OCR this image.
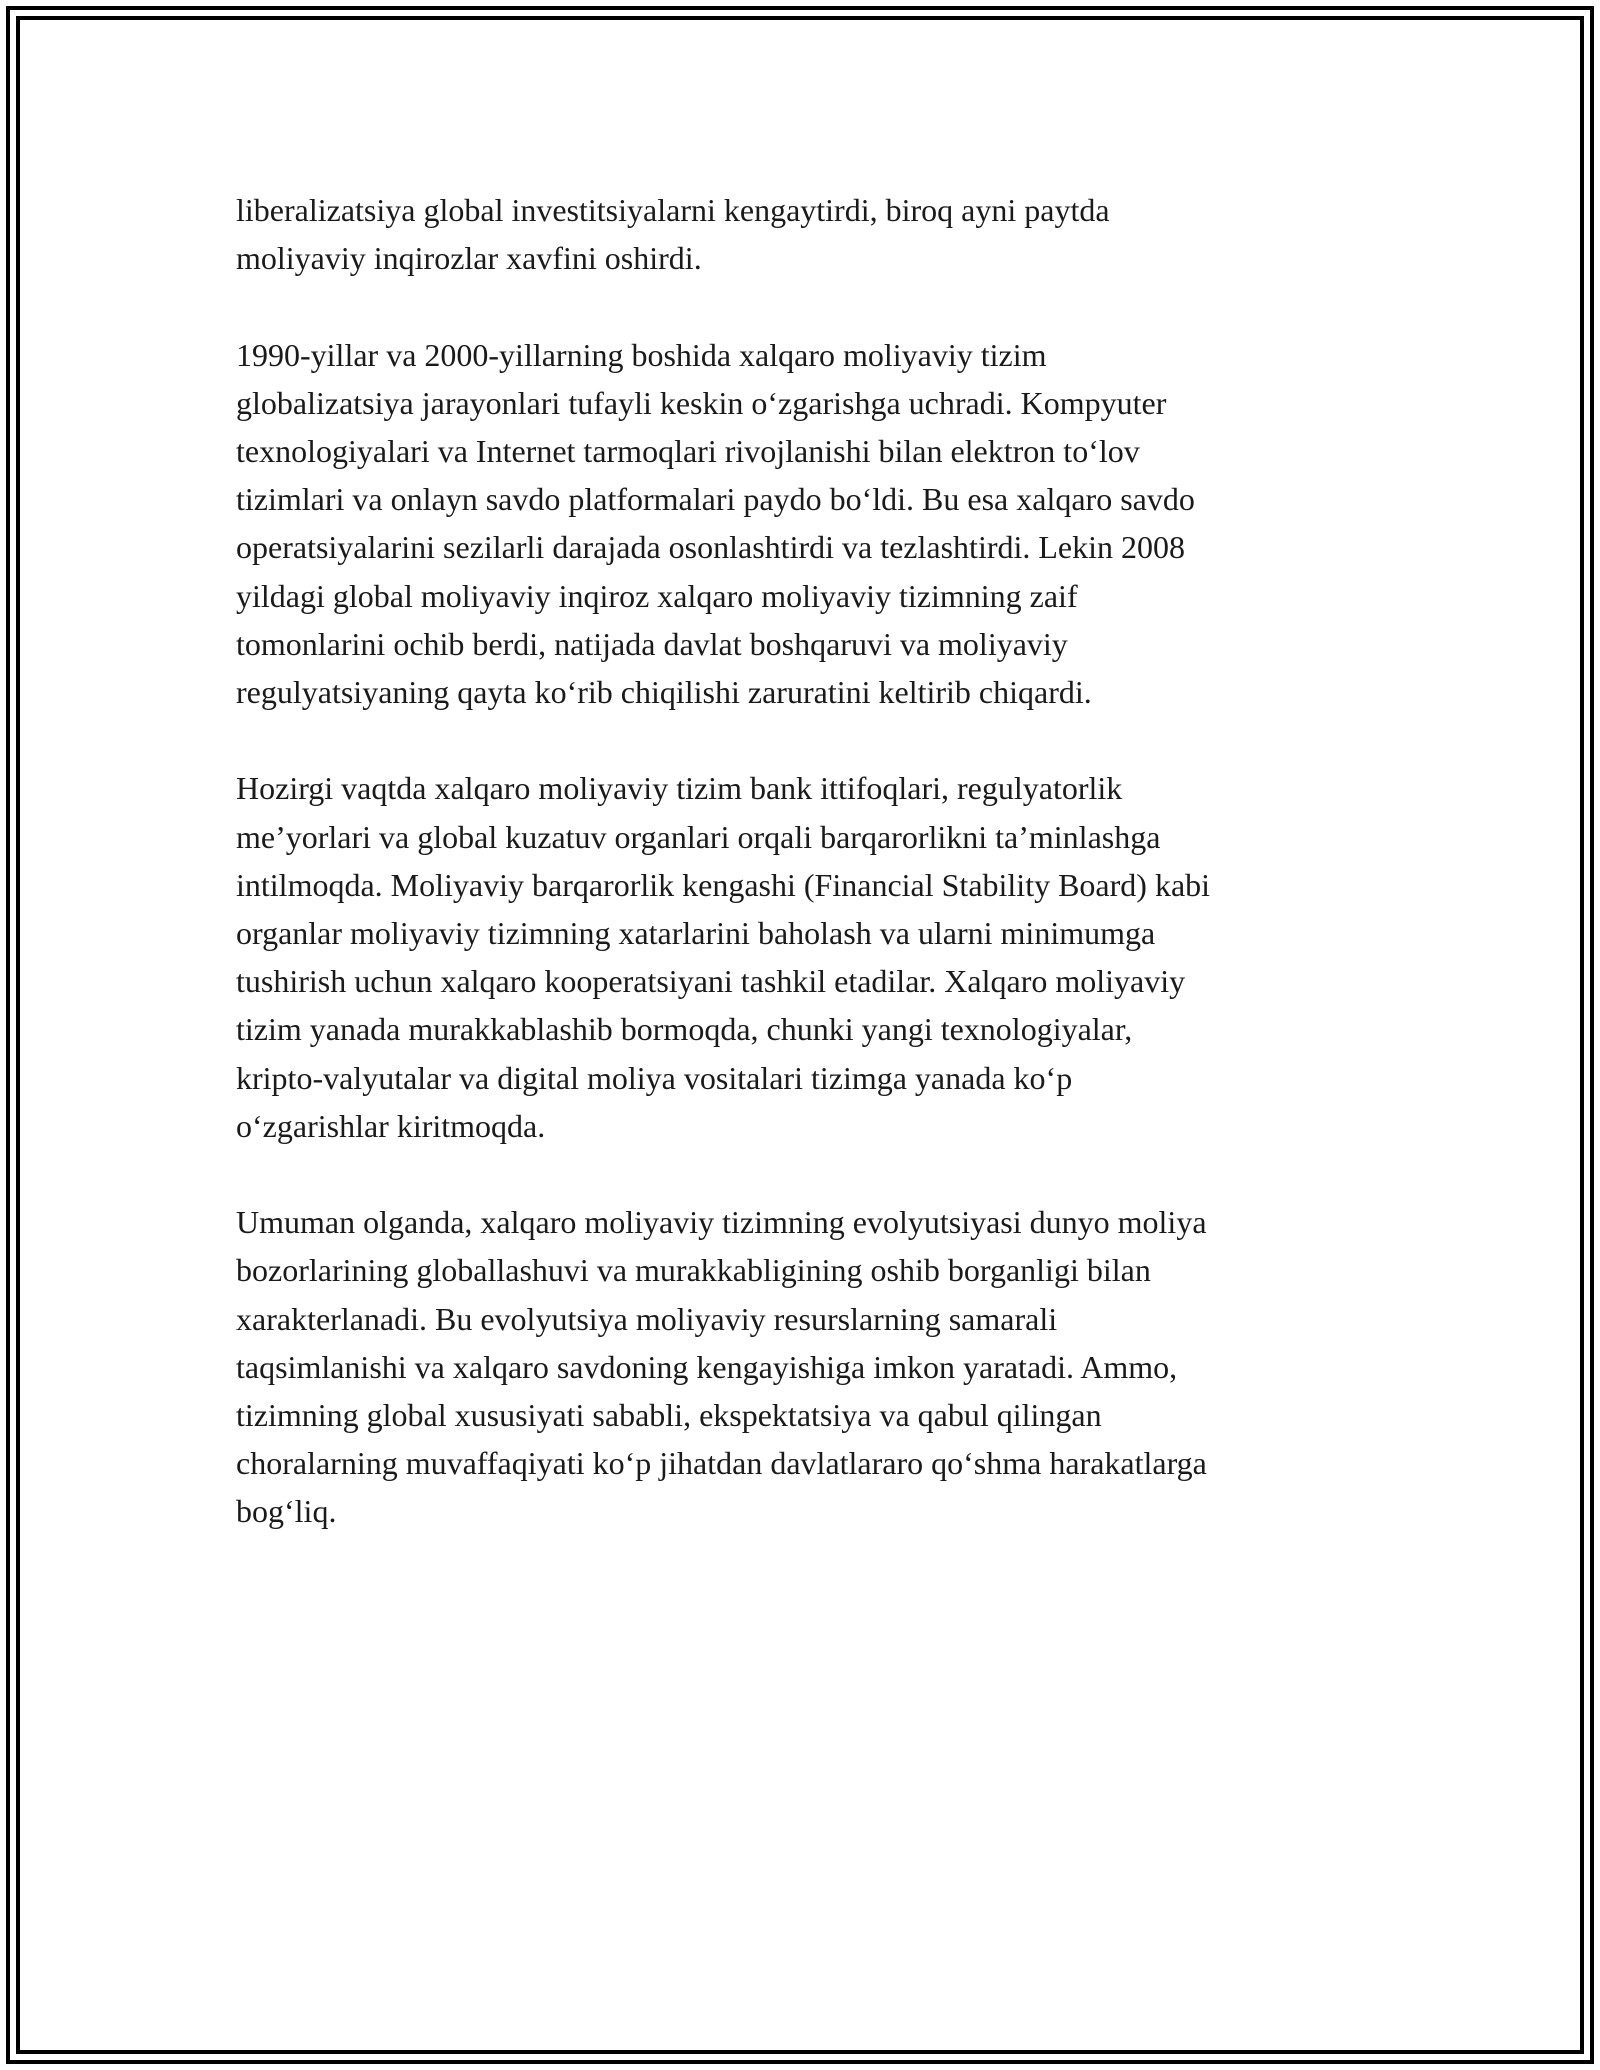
liberalizatsiya global investitsiyalarni kengaytirdi, biroq ayni paytda
moliyaviy inqirozlar xavfini oshirdi.

1990-yillar va 2000-yillarning boshida xalqaro moliyaviy tizim
globalizatsiya jarayonlari tufayli keskin o‘zgarishga uchradi. Kompyuter
texnologiyalari va Internet tarmoqlari rivojlanishi bilan elektron to‘lov
tizimlari va onlayn savdo platformalari paydo bo‘ldi. Bu esa xalqaro savdo
operatsiyalarini sezilarli darajada osonlashtirdi va tezlashtirdi. Lekin 2008
yildagi global moliyaviy inqiroz xalqaro moliyaviy tizimning zaif
tomonlarini ochib berdi, natijada davlat boshqaruvi va moliyaviy
regulyatsiyaning qayta ko‘rib chiqilishi zaruratini keltirib chiqardi.

Hozirgi vaqtda xalqaro moliyaviy tizim bank ittifoqlari, regulyatorlik
me’yorlari va global kuzatuv organlari orqali barqarorlikni ta’minlashga
intilmoqda. Moliyaviy barqarorlik kengashi (Financial Stability Board) kabi
organlar moliyaviy tizimning xatarlarini baholash va ularni minimumga
tushirish uchun xalqaro kooperatsiyani tashkil etadilar. Xalqaro moliyaviy
tizim yanada murakkablashib bormoqda, chunki yangi texnologiyalar,
kripto-valyutalar va digital moliya vositalari tizimga yanada ko‘p
o‘zgarishlar kiritmoqda.

Umuman olganda, xalqaro moliyaviy tizimning evolyutsiyasi dunyo moliya
bozorlarining globallashuvi va murakkabligining oshib borganligi bilan
xarakterlanadi. Bu evolyutsiya moliyaviy resurslarning samarali
taqsimlanishi va xalqaro savdoning kengayishiga imkon yaratadi. Ammo,
tizimning global xususiyati sababli, ekspektatsiya va qabul qilingan
choralarning muvaffaqiyati ko‘p jihatdan davlatlararo qo‘shma harakatlarga
bog‘liq.
